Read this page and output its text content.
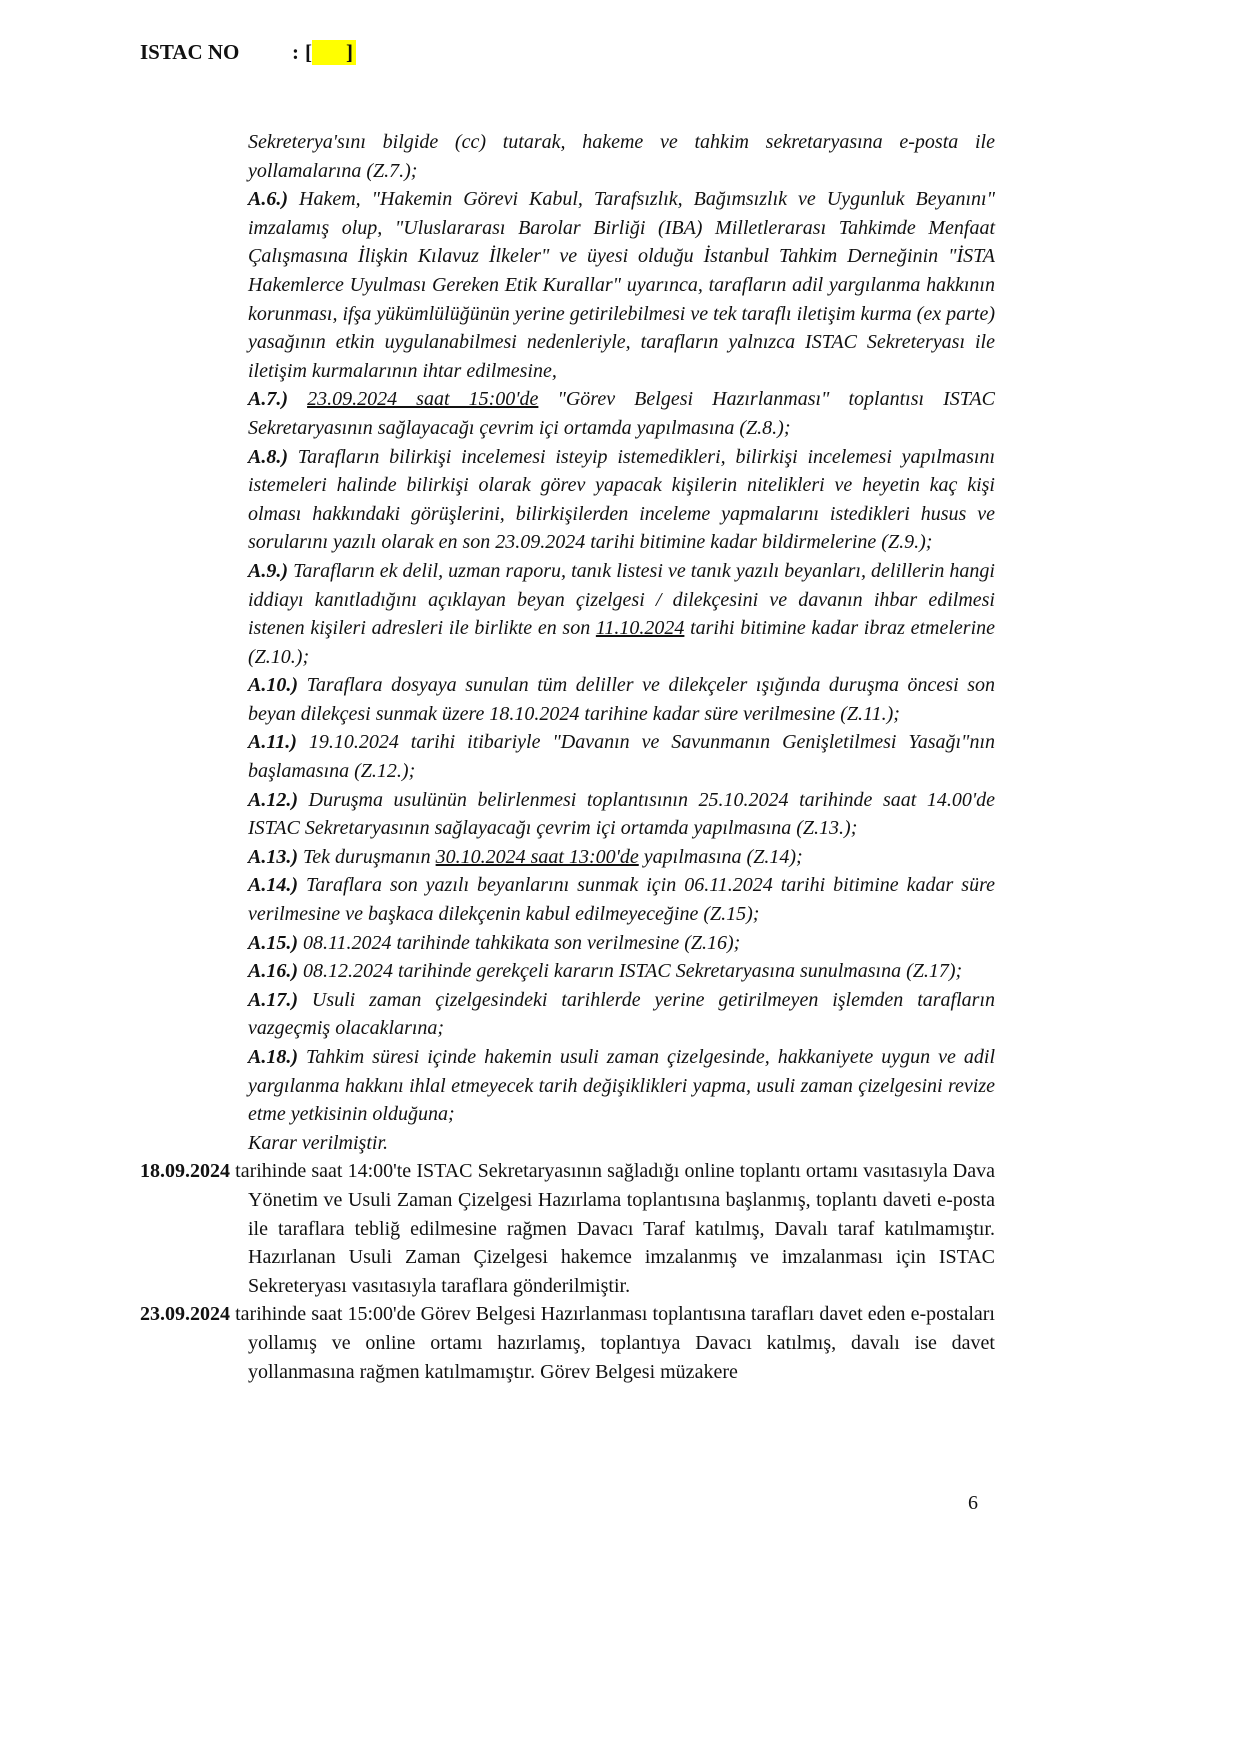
ISTAC NO	: [ ]

Sekreterya'sını bilgide (cc) tutarak, hakeme ve tahkim sekretaryasına e-posta ile yollamalarına (Z.7.);

A.6.) Hakem, "Hakemin Görevi Kabul, Tarafsızlık, Bağımsızlık ve Uygunluk Beyanını" imzalamış olup, "Uluslararası Barolar Birliği (IBA) Milletlerarası Tahkimde Menfaat Çalışmasına İlişkin Kılavuz İlkeler" ve üyesi olduğu İstanbul Tahkim Derneğinin "İSTA Hakemlerce Uyulması Gereken Etik Kurallar" uyarınca, tarafların adil yargılanma hakkının korunması, ifşa yükümlülüğünün yerine getirilebilmesi ve tek taraflı iletişim kurma (ex parte) yasağının etkin uygulanabilmesi nedenleriyle, tarafların yalnızca ISTAC Sekreteryası ile iletişim kurmalarının ihtar edilmesine,

A.7.) 23.09.2024 saat 15:00'de "Görev Belgesi Hazırlanması" toplantısı ISTAC Sekretaryasının sağlayacağı çevrim içi ortamda yapılmasına (Z.8.);

A.8.) Tarafların bilirkişi incelemesi isteyip istemedikleri, bilirkişi incelemesi yapılmasını istemeleri halinde bilirkişi olarak görev yapacak kişilerin nitelikleri ve heyetin kaç kişi olması hakkındaki görüşlerini, bilirkişilerden inceleme yapmalarını istedikleri husus ve sorularını yazılı olarak en son 23.09.2024 tarihi bitimine kadar bildirmelerine (Z.9.);

A.9.) Tarafların ek delil, uzman raporu, tanık listesi ve tanık yazılı beyanları, delillerin hangi iddiayı kanıtladığını açıklayan beyan çizelgesi / dilekçesini ve davanın ihbar edilmesi istenen kişileri adresleri ile birlikte en son 11.10.2024 tarihi bitimine kadar ibraz etmelerine (Z.10.);

A.10.) Taraflara dosyaya sunulan tüm deliller ve dilekçeler ışığında duruşma öncesi son beyan dilekçesi sunmak üzere 18.10.2024 tarihine kadar süre verilmesine (Z.11.);

A.11.) 19.10.2024 tarihi itibariyle "Davanın ve Savunmanın Genişletilmesi Yasağı"nın başlamasına (Z.12.);

A.12.) Duruşma usulünün belirlenmesi toplantısının 25.10.2024 tarihinde saat 14.00'de ISTAC Sekretaryasının sağlayacağı çevrim içi ortamda yapılmasına (Z.13.);

A.13.) Tek duruşmanın 30.10.2024 saat 13:00'de yapılmasına (Z.14);

A.14.) Taraflara son yazılı beyanlarını sunmak için 06.11.2024 tarihi bitimine kadar süre verilmesine ve başkaca dilekçenin kabul edilmeyeceğine (Z.15);

A.15.) 08.11.2024 tarihinde tahkikata son verilmesine (Z.16);

A.16.) 08.12.2024 tarihinde gerekçeli kararın ISTAC Sekretaryasına sunulmasına (Z.17);

A.17.) Usuli zaman çizelgesindeki tarihlerde yerine getirilmeyen işlemden tarafların vazgeçmiş olacaklarına;

A.18.) Tahkim süresi içinde hakemin usuli zaman çizelgesinde, hakkaniyete uygun ve adil yargılanma hakkını ihlal etmeyecek tarih değişiklikleri yapma, usuli zaman çizelgesini revize etme yetkisinin olduğuna;

Karar verilmiştir.

18.09.2024 tarihinde saat 14:00'te ISTAC Sekretaryasının sağladığı online toplantı ortamı vasıtasıyla Dava Yönetim ve Usuli Zaman Çizelgesi Hazırlama toplantısına başlanmış, toplantı daveti e-posta ile taraflara tebliğ edilmesine rağmen Davacı Taraf katılmış, Davalı taraf katılmamıştır. Hazırlanan Usuli Zaman Çizelgesi hakemce imzalanmış ve imzalanması için ISTAC Sekreteryası vasıtasıyla taraflara gönderilmiştir.

23.09.2024 tarihinde saat 15:00'de Görev Belgesi Hazırlanması toplantısına tarafları davet eden e-postaları yollamış ve online ortamı hazırlamış, toplantıya Davacı katılmış, davalı ise davet yollanmasına rağmen katılmamıştır. Görev Belgesi müzakere

6
